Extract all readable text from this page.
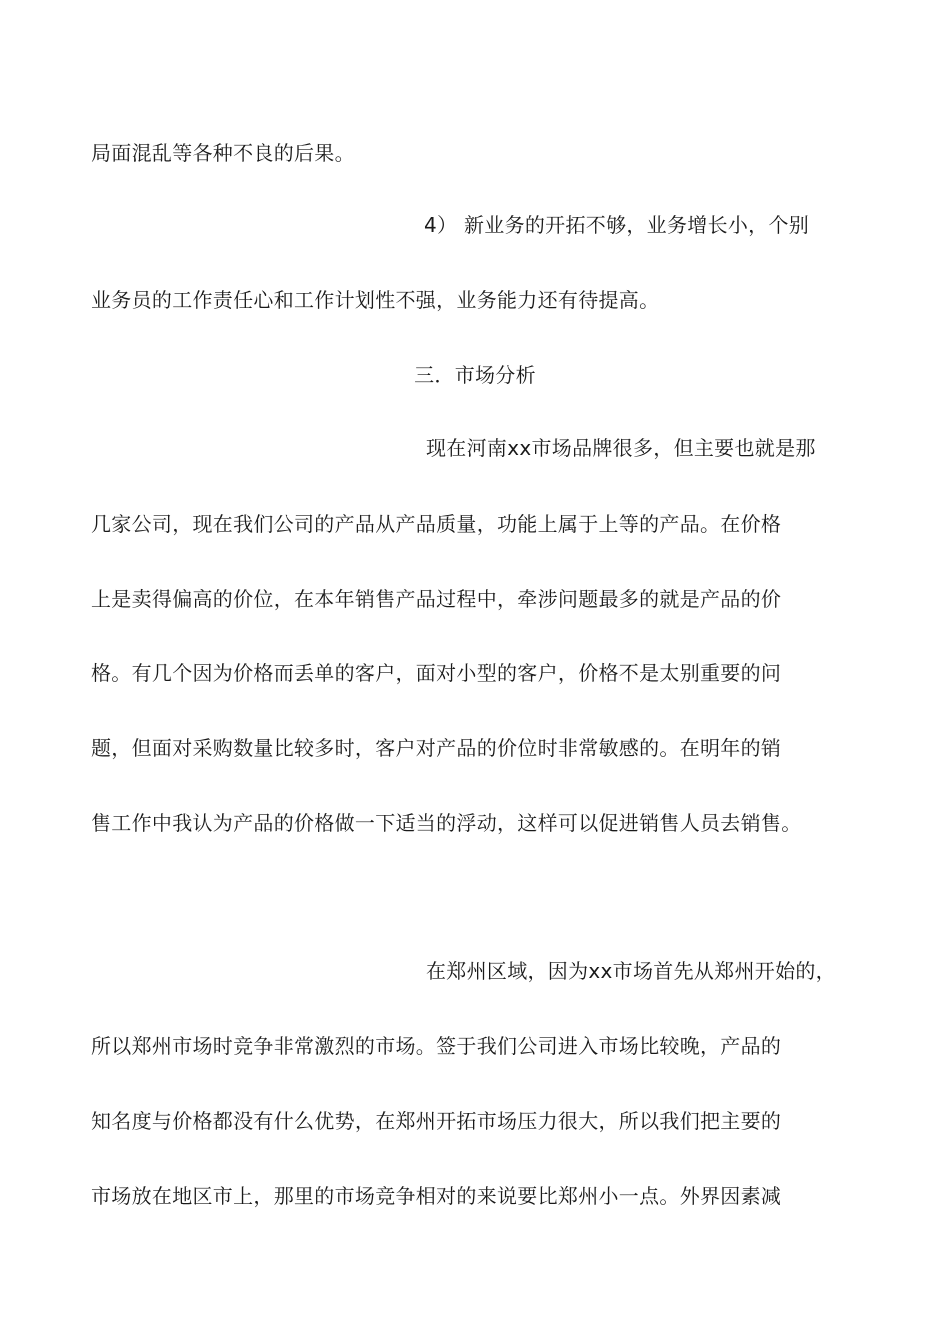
局面混乱等各种不良的后果。
4） 新业务的开拓不够，业务增长小，个别
业务员的工作责任心和工作计划性不强，业务能力还有待提高。
三．市场分析
现在河南xx市场品牌很多，但主要也就是那
几家公司，现在我们公司的产品从产品质量，功能上属于上等的产品。在价格
上是卖得偏高的价位，在本年销售产品过程中，牵涉问题最多的就是产品的价
格。有几个因为价格而丢单的客户，面对小型的客户，价格不是太别重要的问
题，但面对采购数量比较多时，客户对产品的价位时非常敏感的。在明年的销
售工作中我认为产品的价格做一下适当的浮动，这样可以促进销售人员去销售。
在郑州区域，因为xx市场首先从郑州开始的，
所以郑州市场时竞争非常激烈的市场。签于我们公司进入市场比较晚，产品的
知名度与价格都没有什么优势，在郑州开拓市场压力很大，所以我们把主要的
市场放在地区市上，那里的市场竞争相对的来说要比郑州小一点。外界因素减
